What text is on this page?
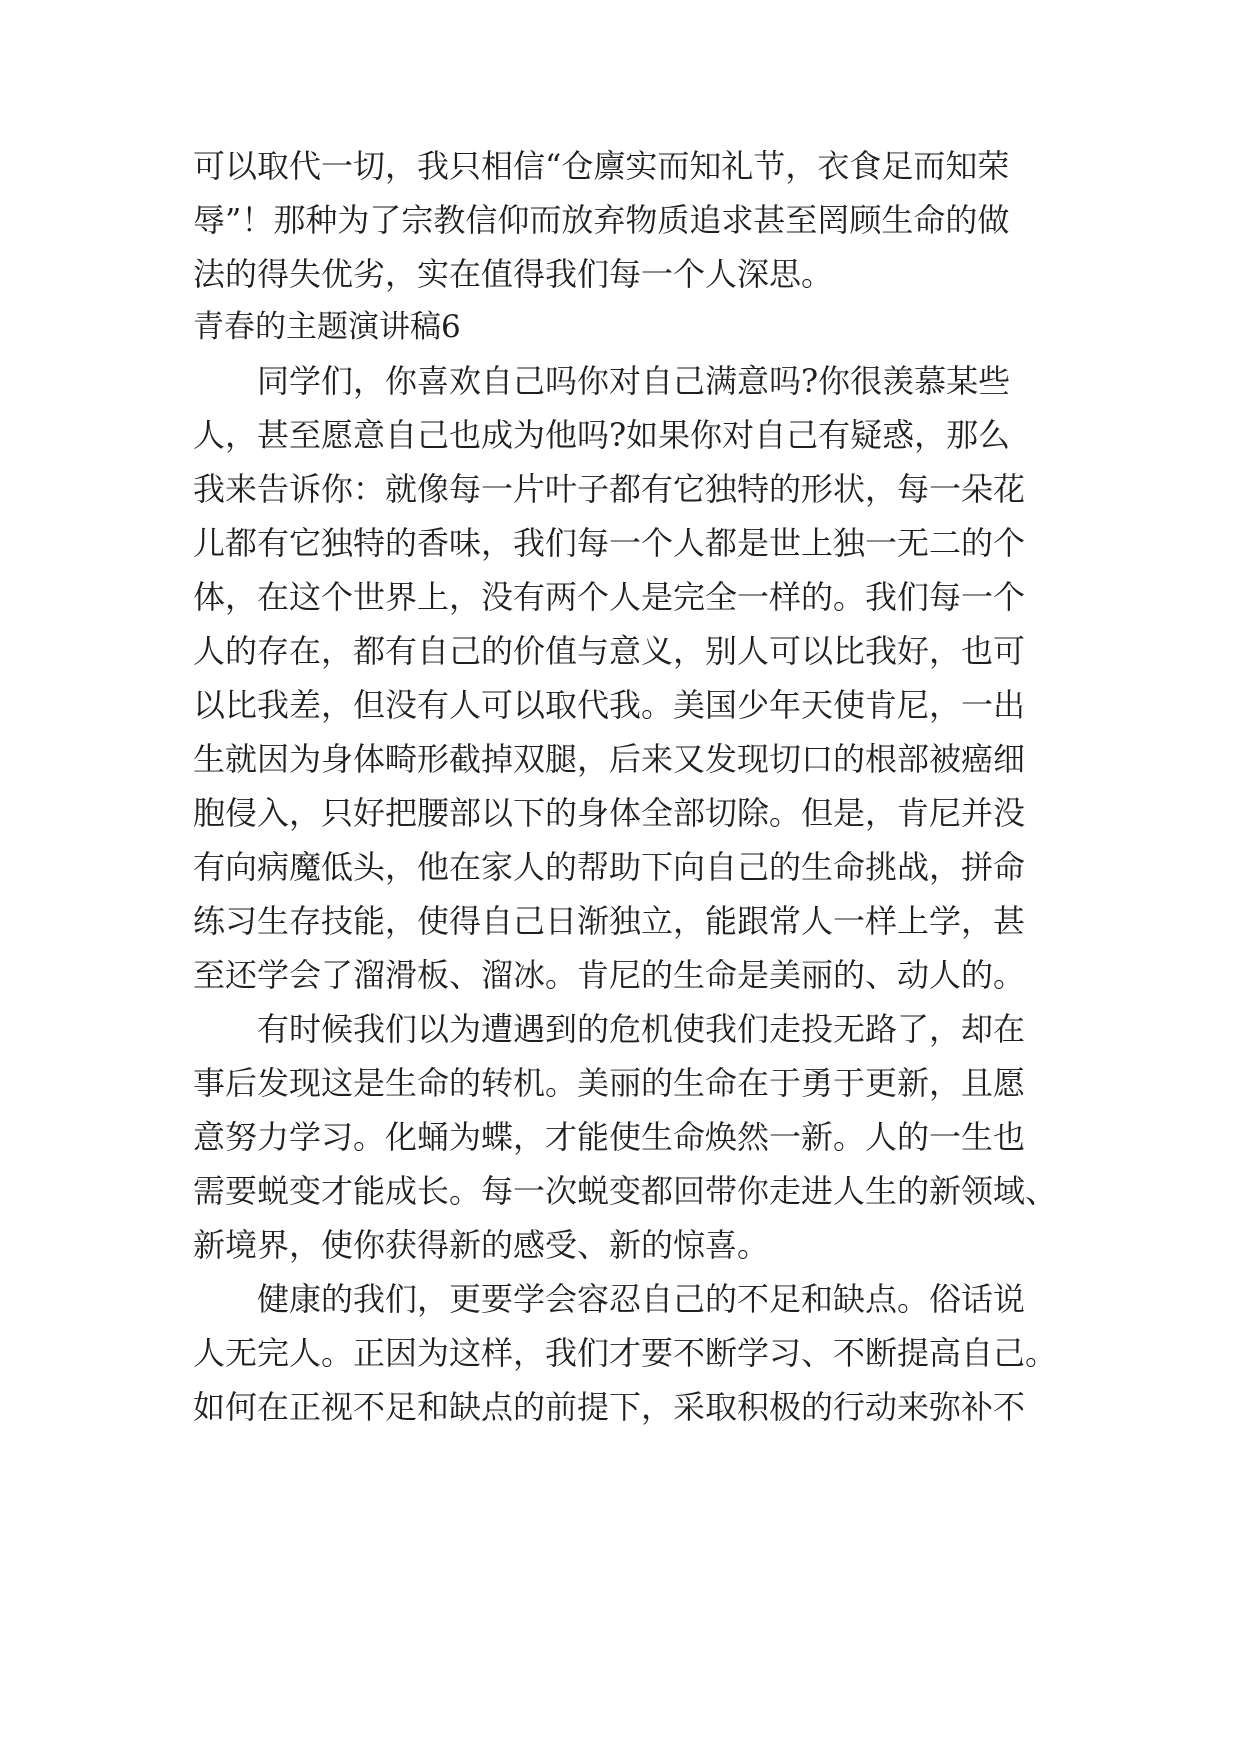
可以取代一切，我只相信“仓廪实而知礼节，衣食足而知荣

辱”！那种为了宗教信仰而放弃物质追求甚至罔顾生命的做

法的得失优劣，实在值得我们每一个人深思。

青春的主题演讲稿6

同学们，你喜欢自己吗你对自己满意吗?你很羡慕某些

人，甚至愿意自己也成为他吗?如果你对自己有疑惑，那么

我来告诉你：就像每一片叶子都有它独特的形状，每一朵花

儿都有它独特的香味，我们每一个人都是世上独一无二的个

体，在这个世界上，没有两个人是完全一样的。我们每一个

人的存在，都有自己的价值与意义，别人可以比我好，也可

以比我差，但没有人可以取代我。美国少年天使肯尼，一出

生就因为身体畸形截掉双腿，后来又发现切口的根部被癌细

胞侵入，只好把腰部以下的身体全部切除。但是，肯尼并没

有向病魔低头，他在家人的帮助下向自己的生命挑战，拼命

练习生存技能，使得自己日渐独立，能跟常人一样上学，甚

至还学会了溜滑板、溜冰。肯尼的生命是美丽的、动人的。

有时候我们以为遭遇到的危机使我们走投无路了，却在

事后发现这是生命的转机。美丽的生命在于勇于更新，且愿

意努力学习。化蛹为蝶，才能使生命焕然一新。人的一生也

需要蜕变才能成长。每一次蜕变都回带你走进人生的新领域、

新境界，使你获得新的感受、新的惊喜。

健康的我们，更要学会容忍自己的不足和缺点。俗话说

人无完人。正因为这样，我们才要不断学习、不断提高自己。

如何在正视不足和缺点的前提下，采取积极的行动来弥补不
